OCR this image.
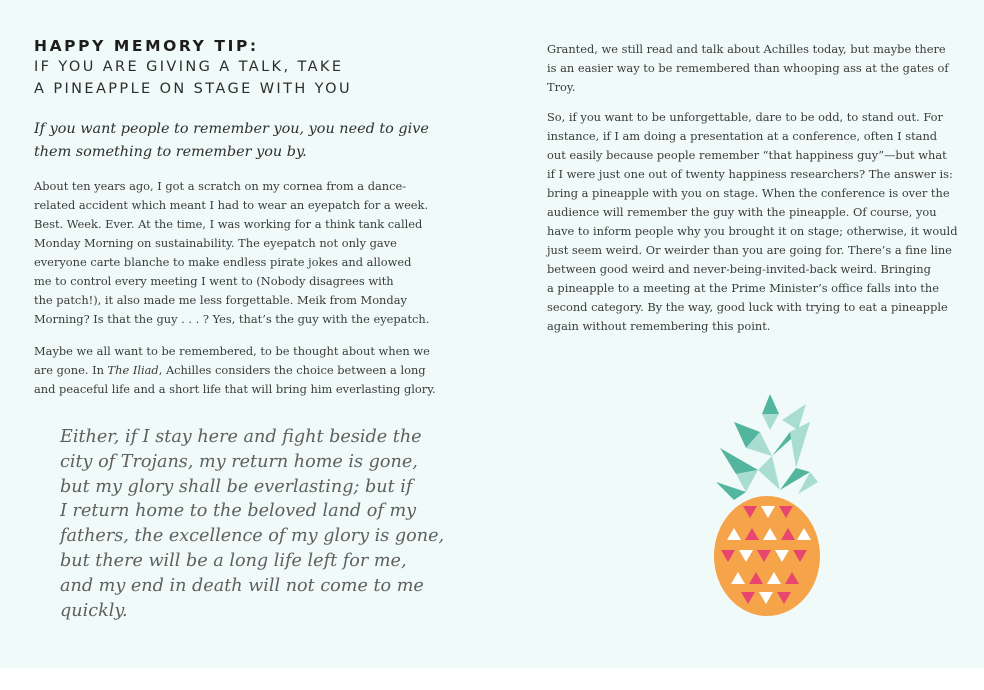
HAPPY MEMORY TIP:
IF YOU ARE GIVING A TALK, TAKE
A PINEAPPLE ON STAGE WITH YOU

If you want people to remember you, you need to give
them something to remember you by.

About ten years ago, I got a scratch on my cornea from a dance-
related accident which meant I had to wear an eyepatch for a week.
Best. Week. Ever. At the time, I was working for a think tank called
Monday Morning on sustainability. The eyepatch not only gave
everyone carte blanche to make endless pirate jokes and allowed
me to control every meeting I went to (Nobody disagrees with
the patch!), it also made me less forgettable. Meik from Monday
Morning? Is that the guy . . . ? Yes, that’s the guy with the eyepatch.

Maybe we all want to be remembered, to be thought about when we
are gone. In The Iliad, Achilles considers the choice between a long
and peaceful life and a short life that will bring him everlasting glory.

Either, if I stay here and fight beside the
city of Trojans, my return home is gone,
but my glory shall be everlasting; but if
I return home to the beloved land of my
fathers, the excellence of my glory is gone,
but there will be a long life left for me,
and my end in death will not come to me
quickly.

Granted, we still read and talk about Achilles today, but maybe there
is an easier way to be remembered than whooping ass at the gates of
Troy.

So, if you want to be unforgettable, dare to be odd, to stand out. For
instance, if I am doing a presentation at a conference, often I stand
out easily because people remember “that happiness guy”—but what
if I were just one out of twenty happiness researchers? The answer is:
bring a pineapple with you on stage. When the conference is over the
audience will remember the guy with the pineapple. Of course, you
have to inform people why you brought it on stage; otherwise, it would
just seem weird. Or weirder than you are going for. There’s a fine line
between good weird and never-being-invited-back weird. Bringing
a pineapple to a meeting at the Prime Minister’s office falls into the
second category. By the way, good luck with trying to eat a pineapple
again without remembering this point.
